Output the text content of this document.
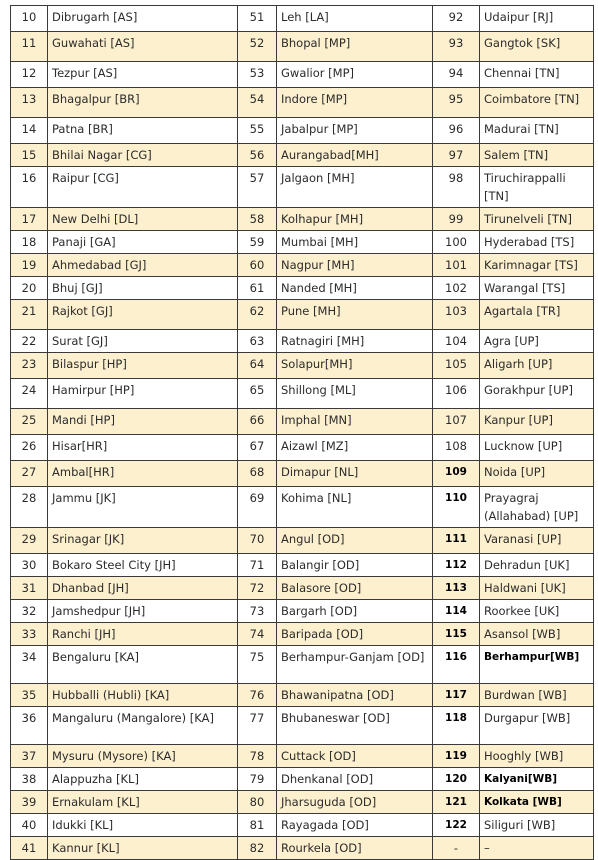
10	Dibrugarh [AS]	51	Leh [LA]	92	Udaipur [RJ]
11	Guwahati [AS]	52	Bhopal [MP]	93	Gangtok [SK]
12	Tezpur [AS]	53	Gwalior [MP]	94	Chennai [TN]
13	Bhagalpur [BR]	54	Indore [MP]	95	Coimbatore [TN]
14	Patna [BR]	55	Jabalpur [MP]	96	Madurai [TN]
15	Bhilai Nagar [CG]	56	Aurangabad[MH]	97	Salem [TN]
16	Raipur [CG]	57	Jalgaon [MH]	98	Tiruchirappalli [TN]
17	New Delhi [DL]	58	Kolhapur [MH]	99	Tirunelveli [TN]
18	Panaji [GA]	59	Mumbai [MH]	100	Hyderabad [TS]
19	Ahmedabad [GJ]	60	Nagpur [MH]	101	Karimnagar [TS]
20	Bhuj [GJ]	61	Nanded [MH]	102	Warangal [TS]
21	Rajkot [GJ]	62	Pune [MH]	103	Agartala [TR]
22	Surat [GJ]	63	Ratnagiri [MH]	104	Agra [UP]
23	Bilaspur [HP]	64	Solapur[MH]	105	Aligarh [UP]
24	Hamirpur [HP]	65	Shillong [ML]	106	Gorakhpur [UP]
25	Mandi [HP]	66	Imphal [MN]	107	Kanpur [UP]
26	Hisar[HR]	67	Aizawl [MZ]	108	Lucknow [UP]
27	Ambal[HR]	68	Dimapur [NL]	109	Noida [UP]
28	Jammu [JK]	69	Kohima [NL]	110	Prayagraj (Allahabad) [UP]
29	Srinagar [JK]	70	Angul [OD]	111	Varanasi [UP]
30	Bokaro Steel City [JH]	71	Balangir [OD]	112	Dehradun [UK]
31	Dhanbad [JH]	72	Balasore [OD]	113	Haldwani [UK]
32	Jamshedpur [JH]	73	Bargarh [OD]	114	Roorkee [UK]
33	Ranchi [JH]	74	Baripada [OD]	115	Asansol [WB]
34	Bengaluru [KA]	75	Berhampur-Ganjam [OD]	116	Berhampur[WB]
35	Hubballi (Hubli) [KA]	76	Bhawanipatna [OD]	117	Burdwan [WB]
36	Mangaluru (Mangalore) [KA]	77	Bhubaneswar [OD]	118	Durgapur [WB]
37	Mysuru (Mysore) [KA]	78	Cuttack [OD]	119	Hooghly [WB]
38	Alappuzha [KL]	79	Dhenkanal [OD]	120	Kalyani[WB]
39	Ernakulam [KL]	80	Jharsuguda [OD]	121	Kolkata [WB]
40	Idukki [KL]	81	Rayagada [OD]	122	Siliguri [WB]
41	Kannur [KL]	82	Rourkela [OD]	-	–
